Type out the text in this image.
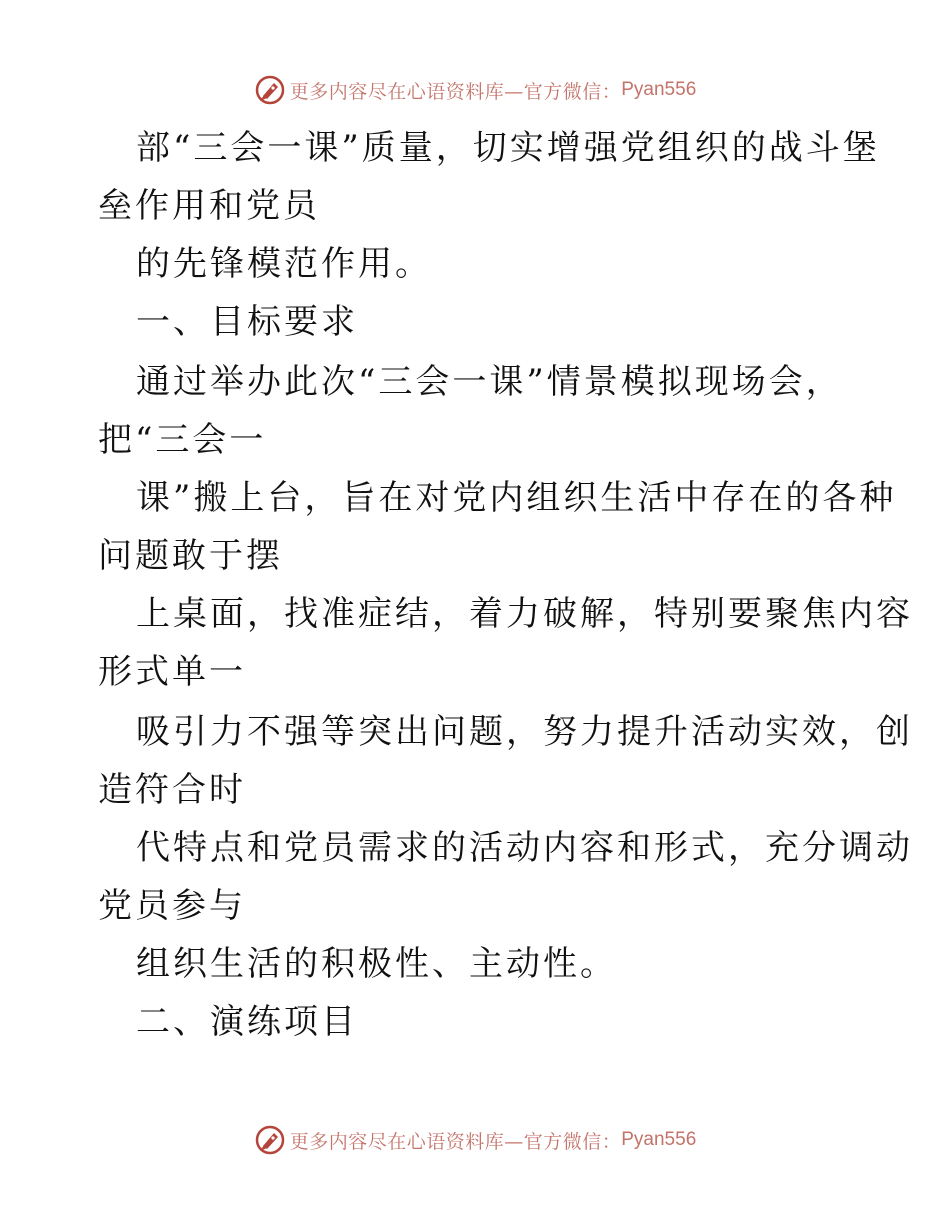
更多内容尽在心语资料库—官方微信： Pyan556
部“三会一课”质量，切实增强党组织的战斗堡
垒作用和党员
的先锋模范作用。
一、目标要求
通过举办此次“三会一课”情景模拟现场会，
把“三会一
课”搬上台，旨在对党内组织生活中存在的各种
问题敢于摆
上桌面，找准症结，着力破解，特别要聚焦内容
形式单一
吸引力不强等突出问题，努力提升活动实效，创
造符合时
代特点和党员需求的活动内容和形式，充分调动
党员参与
组织生活的积极性、主动性。
二、演练项目
更多内容尽在心语资料库—官方微信： Pyan556
